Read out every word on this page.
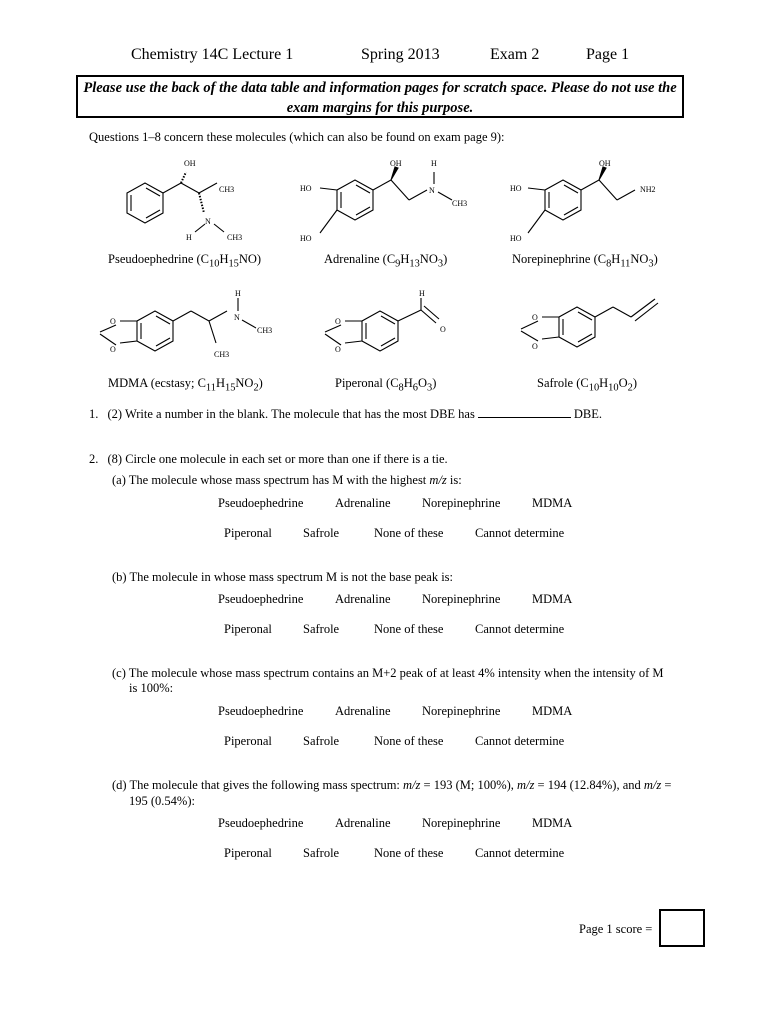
Chemistry 14C Lecture 1	Spring 2013	Exam 2	Page 1
Please use the back of the data table and information pages for scratch space. Please do not use the exam margins for this purpose.
Questions 1–8 concern these molecules (which can also be found on exam page 9):
OH
CH3
N
H	CH3
HO
HO
OH	H
N
CH3
HO
HO
OH
NH2
O
O
H
N
CH3
CH3
O
O
H
O
O
O
Pseudoephedrine $(C_{10}H_{15}NO)$	Adrenaline $(C_9H_{13}NO_3)$	Norepinephrine $(C_8H_{11}NO_3)$
MDMA (ecstasy; $C_{11}H_{15}NO_2$)	Piperonal $(C_8H_6O_3)$	Safrole $(C_{10}H_{10}O_2)$
1. (2) Write a number in the blank. The molecule that has the most DBE has	DBE.
2. (8) Circle one molecule in each set or more than one if there is a tie.
(a) The molecule whose mass spectrum has M with the highest m/z is:
Pseudoephedrine	Adrenaline	Norepinephrine	MDMA
Piperonal Safrole	None of these	Cannot determine
(b) The molecule in whose mass spectrum M is not the base peak is:
Pseudoephedrine	Adrenaline	Norepinephrine	MDMA
Piperonal Safrole	None of these	Cannot determine
(c) The molecule whose mass spectrum contains an M+2 peak of at least 4% intensity when the intensity of M
is 100%:
Pseudoephedrine	Adrenaline	Norepinephrine	MDMA
Piperonal Safrole	None of these	Cannot determine
(d) The molecule that gives the following mass spectrum: m/z = 193 (M; 100%), m/z = 194 (12.84%), and m/z =
195 (0.54%):
Pseudoephedrine	Adrenaline	Norepinephrine	MDMA
Piperonal Safrole	None of these	Cannot determine
Page 1 score =
